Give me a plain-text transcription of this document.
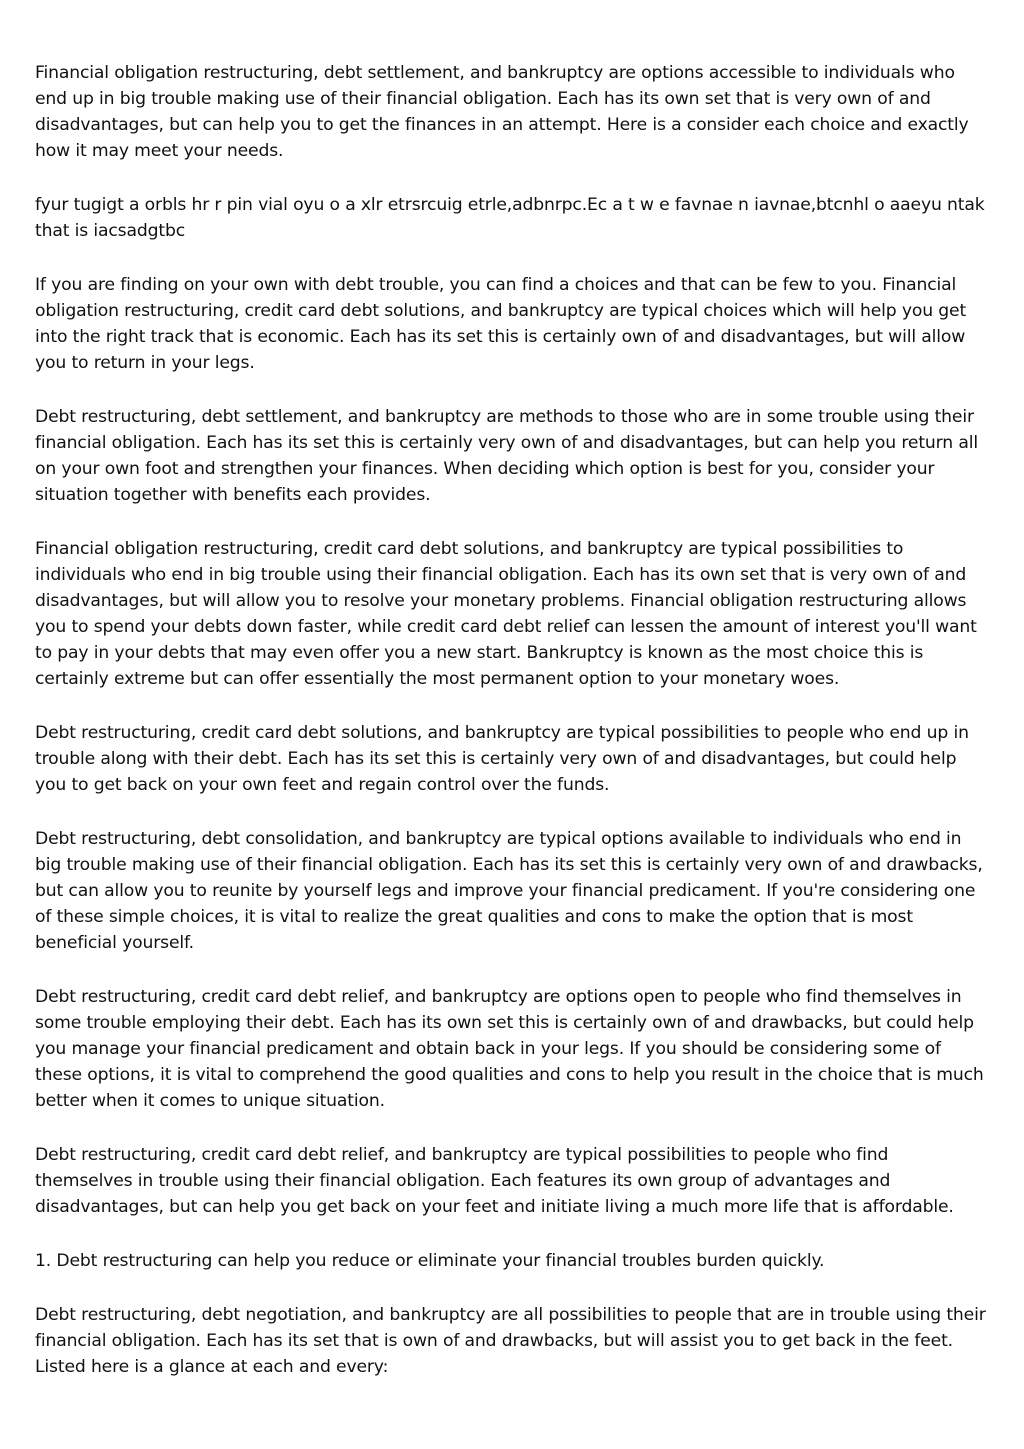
Financial obligation restructuring, debt settlement, and bankruptcy are options accessible to individuals who end up in big trouble making use of their financial obligation. Each has its own set that is very own of and disadvantages, but can help you to get the finances in an attempt. Here is a consider each choice and exactly how it may meet your needs.

fyur tugigt a orbls hr r pin vial oyu o a xlr etrsrcuig etrle,adbnrpc.Ec a t w e favnae n iavnae,btcnhl o aaeyu ntak that is iacsadgtbc

If you are finding on your own with debt trouble, you can find a choices and that can be few to you. Financial obligation restructuring, credit card debt solutions, and bankruptcy are typical choices which will help you get into the right track that is economic. Each has its set this is certainly own of and disadvantages, but will allow you to return in your legs.

Debt restructuring, debt settlement, and bankruptcy are methods to those who are in some trouble using their financial obligation. Each has its set this is certainly very own of and disadvantages, but can help you return all on your own foot and strengthen your finances. When deciding which option is best for you, consider your situation together with benefits each provides.

Financial obligation restructuring, credit card debt solutions, and bankruptcy are typical possibilities to individuals who end in big trouble using their financial obligation. Each has its own set that is very own of and disadvantages, but will allow you to resolve your monetary problems. Financial obligation restructuring allows you to spend your debts down faster, while credit card debt relief can lessen the amount of interest you'll want to pay in your debts that may even offer you a new start. Bankruptcy is known as the most choice this is certainly extreme but can offer essentially the most permanent option to your monetary woes.

Debt restructuring, credit card debt solutions, and bankruptcy are typical possibilities to people who end up in trouble along with their debt. Each has its set this is certainly very own of and disadvantages, but could help you to get back on your own feet and regain control over the funds.

Debt restructuring, debt consolidation, and bankruptcy are typical options available to individuals who end in big trouble making use of their financial obligation. Each has its set this is certainly very own of and drawbacks, but can allow you to reunite by yourself legs and improve your financial predicament. If you're considering one of these simple choices, it is vital to realize the great qualities and cons to make the option that is most beneficial yourself.

Debt restructuring, credit card debt relief, and bankruptcy are options open to people who find themselves in some trouble employing their debt. Each has its own set this is certainly own of and drawbacks, but could help you manage your financial predicament and obtain back in your legs. If you should be considering some of these options, it is vital to comprehend the good qualities and cons to help you result in the choice that is much better when it comes to unique situation.

Debt restructuring, credit card debt relief, and bankruptcy are typical possibilities to people who find themselves in trouble using their financial obligation. Each features its own group of advantages and disadvantages, but can help you get back on your feet and initiate living a much more life that is affordable.

1. Debt restructuring can help you reduce or eliminate your financial troubles burden quickly.

Debt restructuring, debt negotiation, and bankruptcy are all possibilities to people that are in trouble using their financial obligation. Each has its set that is own of and drawbacks, but will assist you to get back in the feet. Listed here is a glance at each and every:
